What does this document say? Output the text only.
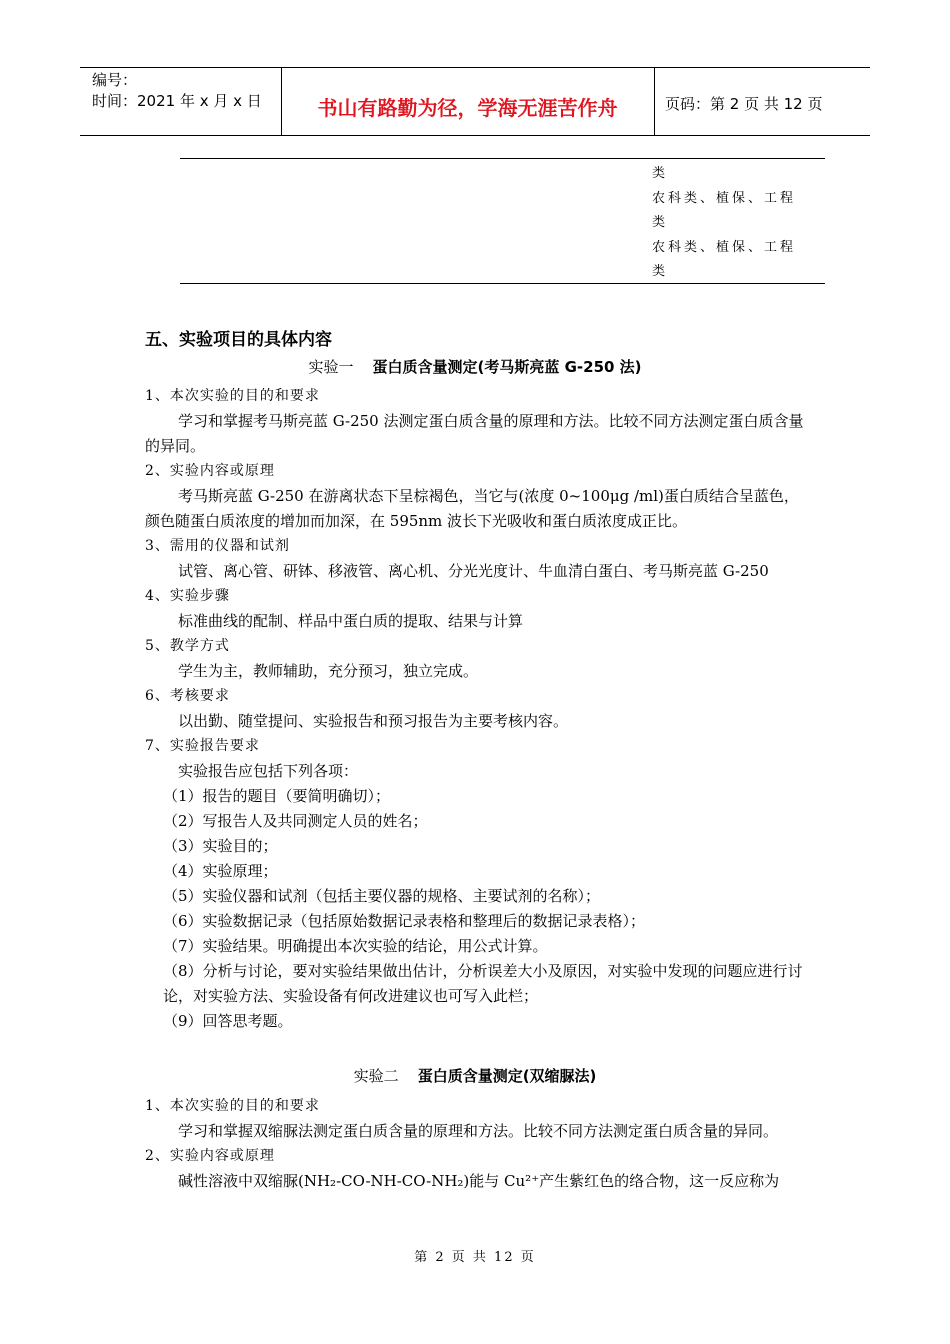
编号：
时间：2021 年 x 月 x 日	书山有路勤为径，学海无涯苦作舟	页码：第 2 页 共 12 页
类
农科类、植保、工程
类
农科类、植保、工程
类
五、实验项目的具体内容
实验一 蛋白质含量测定(考马斯亮蓝 G-250 法)
1、本次实验的目的和要求
学习和掌握考马斯亮蓝 G-250 法测定蛋白质含量的原理和方法。比较不同方法测定蛋白质含量的异同。
2、实验内容或原理
考马斯亮蓝 G-250 在游离状态下呈棕褐色，当它与(浓度 0~100μg /ml)蛋白质结合呈蓝色，颜色随蛋白质浓度的增加而加深，在 595nm 波长下光吸收和蛋白质浓度成正比。
3、需用的仪器和试剂
试管、离心管、研钵、移液管、离心机、分光光度计、牛血清白蛋白、考马斯亮蓝 G-250
4、实验步骤
标准曲线的配制、样品中蛋白质的提取、结果与计算
5、教学方式
学生为主，教师辅助，充分预习，独立完成。
6、考核要求
以出勤、随堂提问、实验报告和预习报告为主要考核内容。
7、实验报告要求
实验报告应包括下列各项：
（1）报告的题目（要简明确切）；
（2）写报告人及共同测定人员的姓名；
（3）实验目的；
（4）实验原理；
（5）实验仪器和试剂（包括主要仪器的规格、主要试剂的名称）；
（6）实验数据记录（包括原始数据记录表格和整理后的数据记录表格）；
（7）实验结果。明确提出本次实验的结论，用公式计算。
（8）分析与讨论，要对实验结果做出估计，分析误差大小及原因，对实验中发现的问题应进行讨论，对实验方法、实验设备有何改进建议也可写入此栏；
（9）回答思考题。
实验二 蛋白质含量测定(双缩脲法)
1、本次实验的目的和要求
学习和掌握双缩脲法测定蛋白质含量的原理和方法。比较不同方法测定蛋白质含量的异同。
2、实验内容或原理
碱性溶液中双缩脲(NH₂-CO-NH-CO-NH₂)能与 Cu²⁺产生紫红色的络合物，这一反应称为
第 2 页 共 12 页
